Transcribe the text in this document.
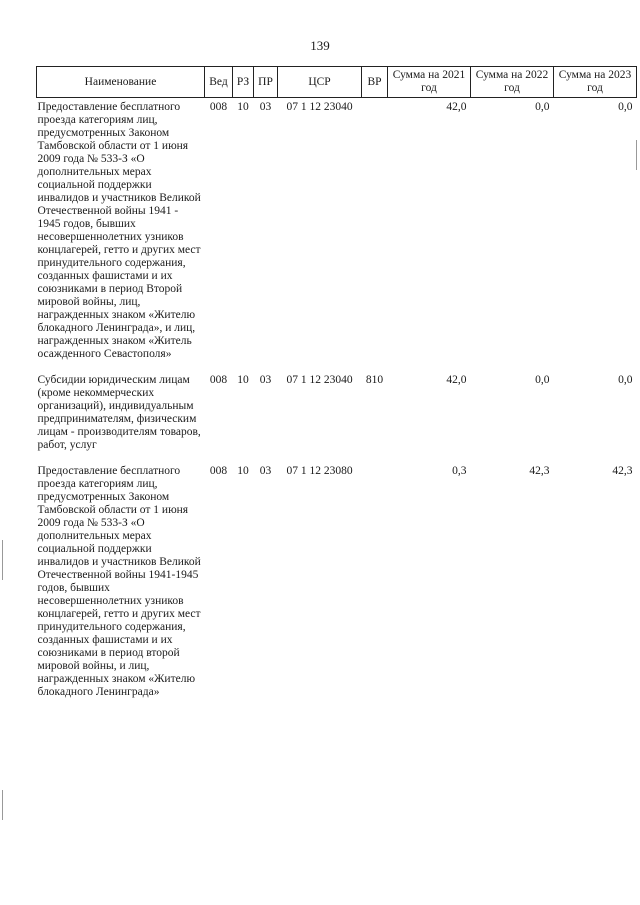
139
Наименование	Вед	РЗ	ПР	ЦСР	ВР	Сумма на 2021 год	Сумма на 2022 год	Сумма на 2023 год
Предоставление бесплатного проезда категориям лиц, предусмотренных Законом Тамбовской области от 1 июня 2009 года № 533-З «О дополнительных мерах социальной поддержки инвалидов и участников Великой Отечественной войны 1941 - 1945 годов, бывших несовершеннолетних узников концлагерей, гетто и других мест принудительного содержания, созданных фашистами и их союзниками в период Второй мировой войны, лиц, награжденных знаком «Жителю блокадного Ленинграда», и лиц, награжденных знаком «Житель осажденного Севастополя»	008	10	03	07 1 12 23040		42,0	0,0	0,0
Субсидии юридическим лицам (кроме некоммерческих организаций), индивидуальным предпринимателям, физическим лицам - производителям товаров, работ, услуг	008	10	03	07 1 12 23040	810	42,0	0,0	0,0
Предоставление бесплатного проезда категориям лиц, предусмотренных Законом Тамбовской области от 1 июня 2009 года № 533-З «О дополнительных мерах социальной поддержки инвалидов и участников Великой Отечественной войны 1941-1945 годов, бывших несовершеннолетних узников концлагерей, гетто и других мест принудительного содержания, созданных фашистами и их союзниками в период второй мировой войны, и лиц, награжденных знаком «Жителю блокадного Ленинграда»	008	10	03	07 1 12 23080		0,3	42,3	42,3
